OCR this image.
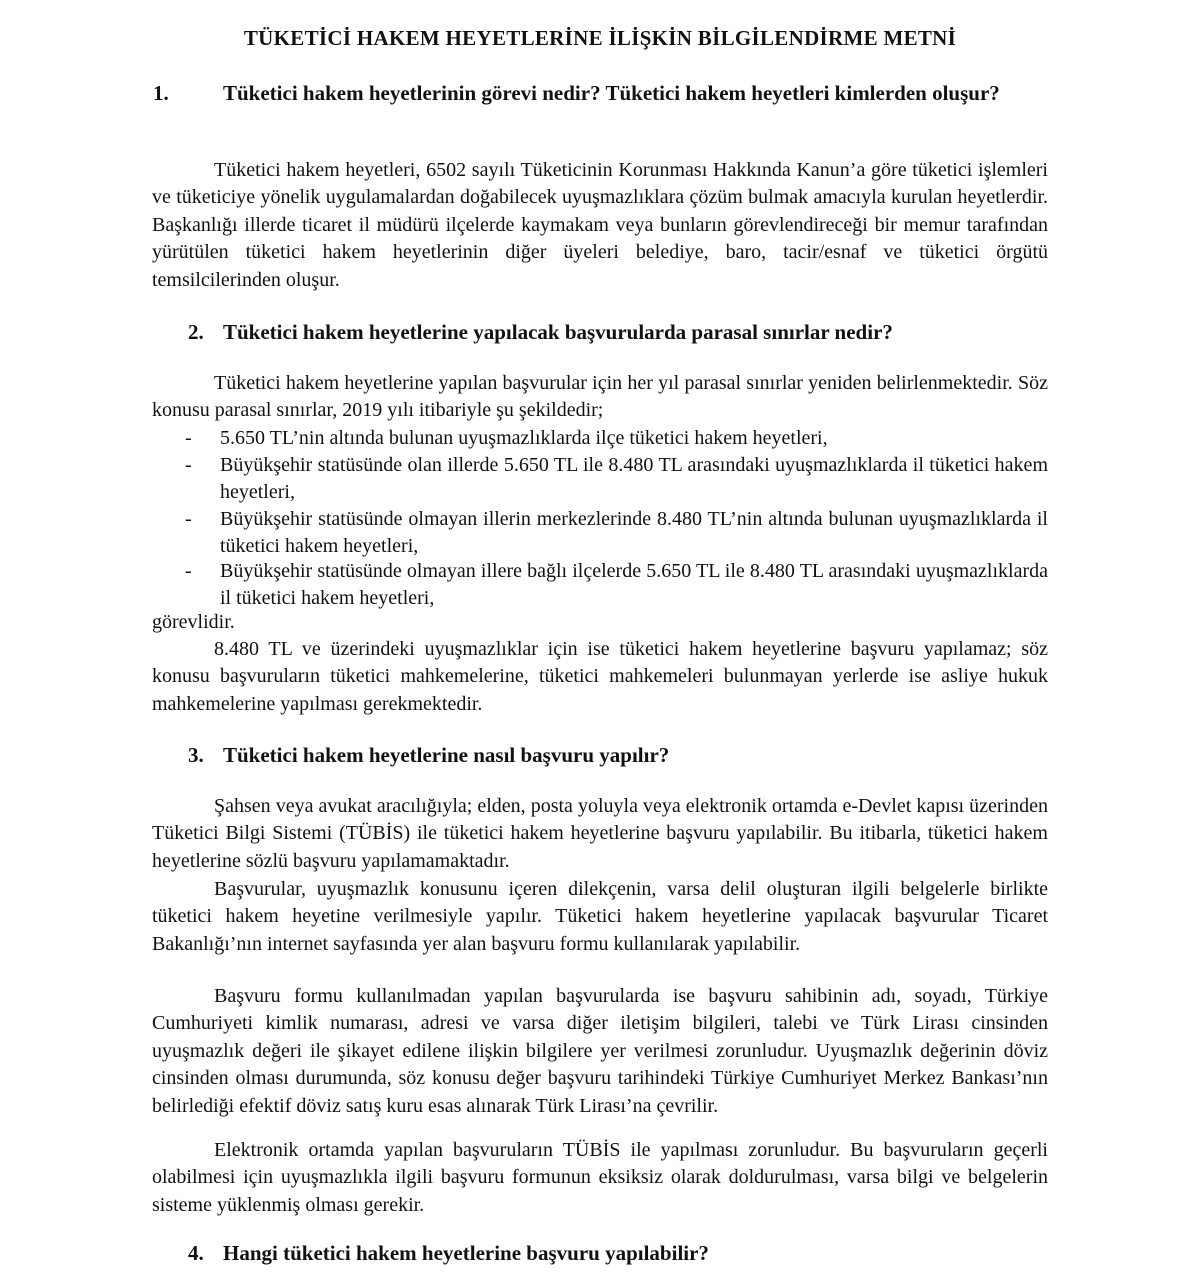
TÜKETİCİ HAKEM HEYETLERİNE İLİŞKİN BİLGİLENDİRME METNİ
1.	Tüketici hakem heyetlerinin görevi nedir? Tüketici hakem heyetleri kimlerden oluşur?
Tüketici hakem heyetleri, 6502 sayılı Tüketicinin Korunması Hakkında Kanun’a göre tüketici işlemleri ve tüketiciye yönelik uygulamalardan doğabilecek uyuşmazlıklara çözüm bulmak amacıyla kurulan heyetlerdir. Başkanlığı illerde ticaret il müdürü ilçelerde kaymakam veya bunların görevlendireceği bir memur tarafından yürütülen tüketici hakem heyetlerinin diğer üyeleri belediye, baro, tacir/esnaf ve tüketici örgütü temsilcilerinden oluşur.
2. Tüketici hakem heyetlerine yapılacak başvurularda parasal sınırlar nedir?
Tüketici hakem heyetlerine yapılan başvurular için her yıl parasal sınırlar yeniden belirlenmektedir. Söz konusu parasal sınırlar, 2019 yılı itibariyle şu şekildedir;
- 5.650 TL’nin altında bulunan uyuşmazlıklarda ilçe tüketici hakem heyetleri,
- Büyükşehir statüsünde olan illerde 5.650 TL ile 8.480 TL arasındaki uyuşmazlıklarda il tüketici hakem heyetleri,
- Büyükşehir statüsünde olmayan illerin merkezlerinde 8.480 TL’nin altında bulunan uyuşmazlıklarda il tüketici hakem heyetleri,
- Büyükşehir statüsünde olmayan illere bağlı ilçelerde 5.650 TL ile 8.480 TL arasındaki uyuşmazlıklarda il tüketici hakem heyetleri,
görevlidir.
8.480 TL ve üzerindeki uyuşmazlıklar için ise tüketici hakem heyetlerine başvuru yapılamaz; söz konusu başvuruların tüketici mahkemelerine, tüketici mahkemeleri bulunmayan yerlerde ise asliye hukuk mahkemelerine yapılması gerekmektedir.
3. Tüketici hakem heyetlerine nasıl başvuru yapılır?
Şahsen veya avukat aracılığıyla; elden, posta yoluyla veya elektronik ortamda e-Devlet kapısı üzerinden Tüketici Bilgi Sistemi (TÜBİS) ile tüketici hakem heyetlerine başvuru yapılabilir. Bu itibarla, tüketici hakem heyetlerine sözlü başvuru yapılamamaktadır.
Başvurular, uyuşmazlık konusunu içeren dilekçenin, varsa delil oluşturan ilgili belgelerle birlikte tüketici hakem heyetine verilmesiyle yapılır. Tüketici hakem heyetlerine yapılacak başvurular Ticaret Bakanlığı’nın internet sayfasında yer alan başvuru formu kullanılarak yapılabilir.
Başvuru formu kullanılmadan yapılan başvurularda ise başvuru sahibinin adı, soyadı, Türkiye Cumhuriyeti kimlik numarası, adresi ve varsa diğer iletişim bilgileri, talebi ve Türk Lirası cinsinden uyuşmazlık değeri ile şikayet edilene ilişkin bilgilere yer verilmesi zorunludur. Uyuşmazlık değerinin döviz cinsinden olması durumunda, söz konusu değer başvuru tarihindeki Türkiye Cumhuriyet Merkez Bankası’nın belirlediği efektif döviz satış kuru esas alınarak Türk Lirası’na çevrilir.
Elektronik ortamda yapılan başvuruların TÜBİS ile yapılması zorunludur. Bu başvuruların geçerli olabilmesi için uyuşmazlıkla ilgili başvuru formunun eksiksiz olarak doldurulması, varsa bilgi ve belgelerin sisteme yüklenmiş olması gerekir.
4. Hangi tüketici hakem heyetlerine başvuru yapılabilir?
